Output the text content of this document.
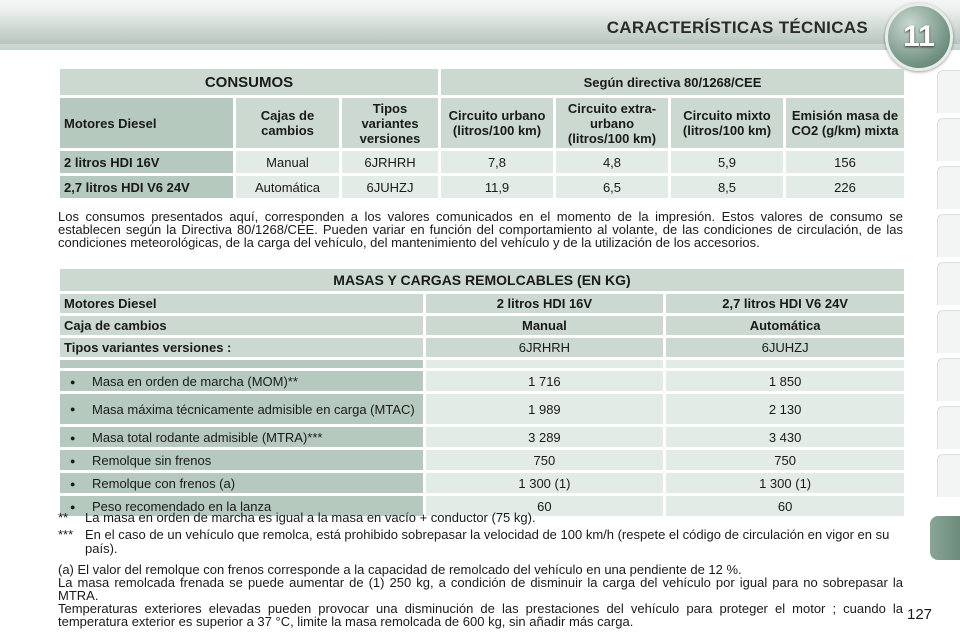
CARACTERÍSTICAS TÉCNICAS 11
CONSUMOS			Según directiva 80/1268/CEE			
Motores Diesel	Cajas de cambios	Tipos variantes versiones	Circuito urbano (litros/100 km)	Circuito extra-urbano (litros/100 km)	Circuito mixto (litros/100 km)	Emisión masa de CO2 (g/km) mixta
2 litros HDI 16V	Manual	6JRHRH	7,8	4,8	5,9	156
2,7 litros HDI V6 24V	Automática	6JUHZJ	11,9	6,5	8,5	226
Los consumos presentados aquí, corresponden a los valores comunicados en el momento de la impresión. Estos valores de consumo se establecen según la Directiva 80/1268/CEE. Pueden variar en función del comportamiento al volante, de las condiciones de circulación, de las condiciones meteorológicas, de la carga del vehículo, del mantenimiento del vehículo y de la utilización de los accesorios.
MASAS Y CARGAS REMOLCABLES (EN KG)		
Motores Diesel	2 litros HDI 16V	2,7 litros HDI V6 24V
Caja de cambios	Manual	Automática
Tipos variantes versiones :	6JRHRH	6JUHZJ

● Masa en orden de marcha (MOM)**	1 716	1 850

● Masa máxima técnicamente admisible en carga (MTAC)	1 989	2 130
● Masa total rodante admisible (MTRA)***	3 289	3 430
● Remolque sin frenos	750	750
● Remolque con frenos (a)	1 300 (1)	1 300 (1)
● Peso recomendado en la lanza	60	60
** La masa en orden de marcha es igual a la masa en vacío + conductor (75 kg).
*** En el caso de un vehículo que remolca, está prohibido sobrepasar la velocidad de 100 km/h (respete el código de circulación en vigor en su país).
(a) El valor del remolque con frenos corresponde a la capacidad de remolcado del vehículo en una pendiente de 12 %.
La masa remolcada frenada se puede aumentar de (1) 250 kg, a condición de disminuir la carga del vehículo por igual para no sobrepasar la MTRA.
Temperaturas exteriores elevadas pueden provocar una disminución de las prestaciones del vehículo para proteger el motor ; cuando la temperatura exterior es superior a 37 °C, limite la masa remolcada de 600 kg, sin añadir más carga.	127
